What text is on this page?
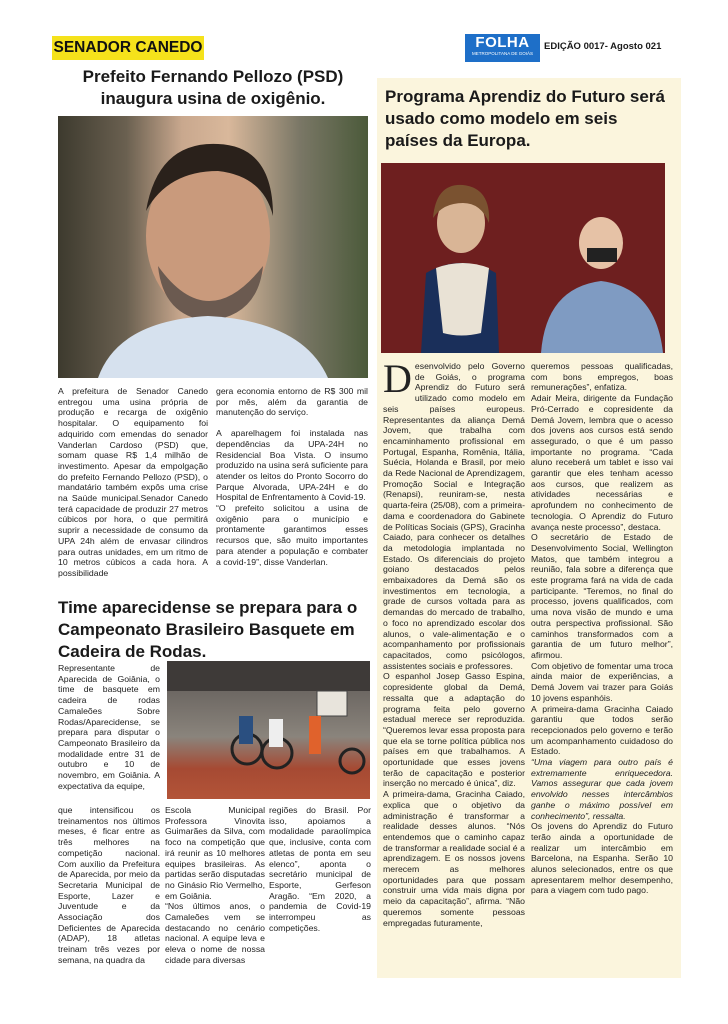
SENADOR CANEDO	FOLHA
METROPOLITANA DE GOIÁS
EDIÇÃO 0017- Agosto 021
Prefeito Fernando Pellozo (PSD) inaugura usina de oxigênio.

A prefeitura de Senador Canedo entregou uma usina própria de produção e recarga de oxigênio hospitalar. O equipamento foi adquirido com emendas do senador Vanderlan Cardoso (PSD) que, somam quase R$ 1,4 milhão de investimento. Apesar da empolgação do prefeito Fernando Pellozo (PSD), o mandatário também expôs uma crise na Saúde municipal.Senador Canedo terá capacidade de produzir 27 metros cúbicos por hora, o que permitirá suprir a necessidade de consumo da UPA 24h além de envasar cilindros para outras unidades, em um ritmo de 10 metros cúbicos a cada hora. A possibilidade

gera economia entorno de R$ 300 mil por mês, além da garantia de manutenção do serviço.

A aparelhagem foi instalada nas dependências da UPA-24H no Residencial Boa Vista. O insumo produzido na usina será suficiente para atender os leitos do Pronto Socorro do Parque Alvorada, UPA-24H e do Hospital de Enfrentamento à Covid-19.

“O prefeito solicitou a usina de oxigênio para o município e prontamente garantimos esses recursos que, são muito importantes para atender a população e combater a covid-19”, disse Vanderlan.

Time aparecidense se prepara para o Campeonato Brasileiro Basquete em Cadeira de Rodas.

Representante de Aparecida de Goiânia, o time de basquete em cadeira de rodas Camaleões Sobre Rodas/Aparecidense, se prepara para disputar o Campeonato Brasileiro da modalidade entre 31 de outubro e 10 de novembro, em Goiânia. A expectativa da equipe,

que intensificou os treinamentos nos últimos meses, é ficar entre as três melhores na competição nacional. Com auxílio da Prefeitura de Aparecida, por meio da Secretaria Municipal de Esporte, Lazer e Juventude e da Associação dos Deficientes de Aparecida (ADAP), 18 atletas treinam três vezes por semana, na quadra da

Escola Municipal Professora Vinovita Guimarães da Silva, com foco na competição que irá reunir as 10 melhores equipes brasileiras. As partidas serão disputadas no Ginásio Rio Vermelho, em Goiânia.

“Nos últimos anos, o Camaleões vem se destacando no cenário nacional. A equipe leva e eleva o nome de nossa cidade para diversas

regiões do Brasil. Por isso, apoiamos a modalidade paraolímpica que, inclusive, conta com atletas de ponta em seu elenco”, aponta o secretário municipal de Esporte, Gerfeson Aragão. “Em 2020, a pandemia de Covid-19 interrompeu as competições.

Programa Aprendiz do Futuro será usado como modelo em seis países da Europa.

Desenvolvido pelo Governo de Goiás, o programa Aprendiz do Futuro será utilizado como modelo em seis países europeus. Representantes da aliança Demá Jovem, que trabalha com encaminhamento profissional em Portugal, Espanha, Romênia, Itália, Suécia, Holanda e Brasil, por meio da Rede Nacional de Aprendizagem, Promoção Social e Integração (Renapsi), reuniram-se, nesta quarta-feira (25/08), com a primeira-dama e coordenadora do Gabinete de Políticas Sociais (GPS), Gracinha Caiado, para conhecer os detalhes da metodologia implantada no Estado. Os diferenciais do projeto goiano destacados pelos embaixadores da Demá são os investimentos em tecnologia, a grade de cursos voltada para as demandas do mercado de trabalho, o foco no aprendizado escolar dos alunos, o vale-alimentação e o acompanhamento por profissionais capacitados, como psicólogos, assistentes sociais e professores.

O espanhol Josep Gasso Espina, copresidente global da Demá, ressalta que a adaptação do programa feita pelo governo estadual merece ser reproduzida. “Queremos levar essa proposta para que ela se torne política pública nos países em que trabalhamos. A oportunidade que esses jovens terão de capacitação e posterior inserção no mercado é única”, diz.

A primeira-dama, Gracinha Caiado, explica que o objetivo da administração é transformar a realidade desses alunos. “Nós entendemos que o caminho capaz de transformar a realidade social é a aprendizagem. E os nossos jovens merecem as melhores oportunidades para que possam construir uma vida mais digna por meio da capacitação”, afirma. “Não queremos somente pessoas empregadas futuramente,

queremos pessoas qualificadas, com bons empregos, boas remunerações”, enfatiza.

Adair Meira, dirigente da Fundação Pró-Cerrado e copresidente da Demá Jovem, lembra que o acesso dos jovens aos cursos está sendo assegurado, o que é um passo importante no programa. “Cada aluno receberá um tablet e isso vai garantir que eles tenham acesso aos cursos, que realizem as atividades necessárias e aprofundem no conhecimento de tecnologia. O Aprendiz do Futuro avança neste processo”, destaca.

O secretário de Estado de Desenvolvimento Social, Wellington Matos, que também integrou a reunião, fala sobre a diferença que este programa fará na vida de cada participante. “Teremos, no final do processo, jovens qualificados, com uma nova visão de mundo e uma outra perspectiva profissional. São caminhos transformados com a garantia de um futuro melhor”, afirmou.

Com objetivo de fomentar uma troca ainda maior de experiências, a Demá Jovem vai trazer para Goiás 10 jovens espanhóis.

A primeira-dama Gracinha Caiado garantiu que todos serão recepcionados pelo governo e terão um acompanhamento cuidadoso do Estado.

“Uma viagem para outro país é extremamente enriquecedora. Vamos assegurar que cada jovem envolvido nesses intercâmbios ganhe o máximo possível em conhecimento”, ressalta.

Os jovens do Aprendiz do Futuro terão ainda a oportunidade de realizar um intercâmbio em Barcelona, na Espanha. Serão 10 alunos selecionados, entre os que apresentarem melhor desempenho, para a viagem com tudo pago.
